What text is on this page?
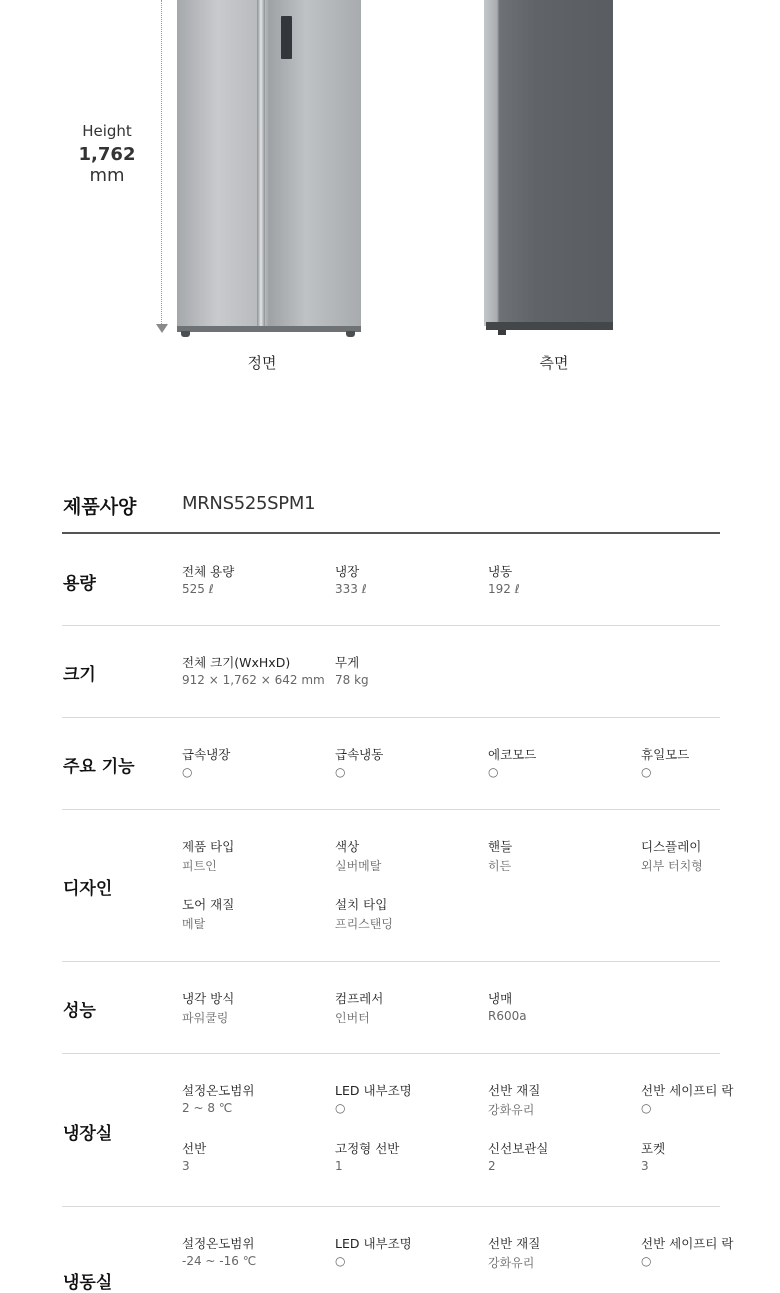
Height
1,762 mm
정면	측면
제품사양	MRNS525SPM1
용량
전체 용량
525 ℓ
냉장
333 ℓ
냉동
192 ℓ
크기
전체 크기(WxHxD)
912 × 1,762 × 642 mm
무게
78 kg
주요 기능
급속냉장
○
급속냉동
○
에코모드
○
휴일모드
○
디자인
제품 타입
피트인
색상
실버메탈
핸들
히든
디스플레이
외부 터치형
도어 재질
메탈
설치 타입
프리스탠딩
성능
냉각 방식
파워쿨링
컴프레서
인버터
냉매
R600a
냉장실
설정온도범위
2 ~ 8 ℃
LED 내부조명
○
선반 재질
강화유리
선반 세이프티 락
○
선반
3
고정형 선반
1
신선보관실
2
포켓
3
냉동실
설정온도범위
-24 ~ -16 ℃
LED 내부조명
○
선반 재질
강화유리
선반 세이프티 락
○
